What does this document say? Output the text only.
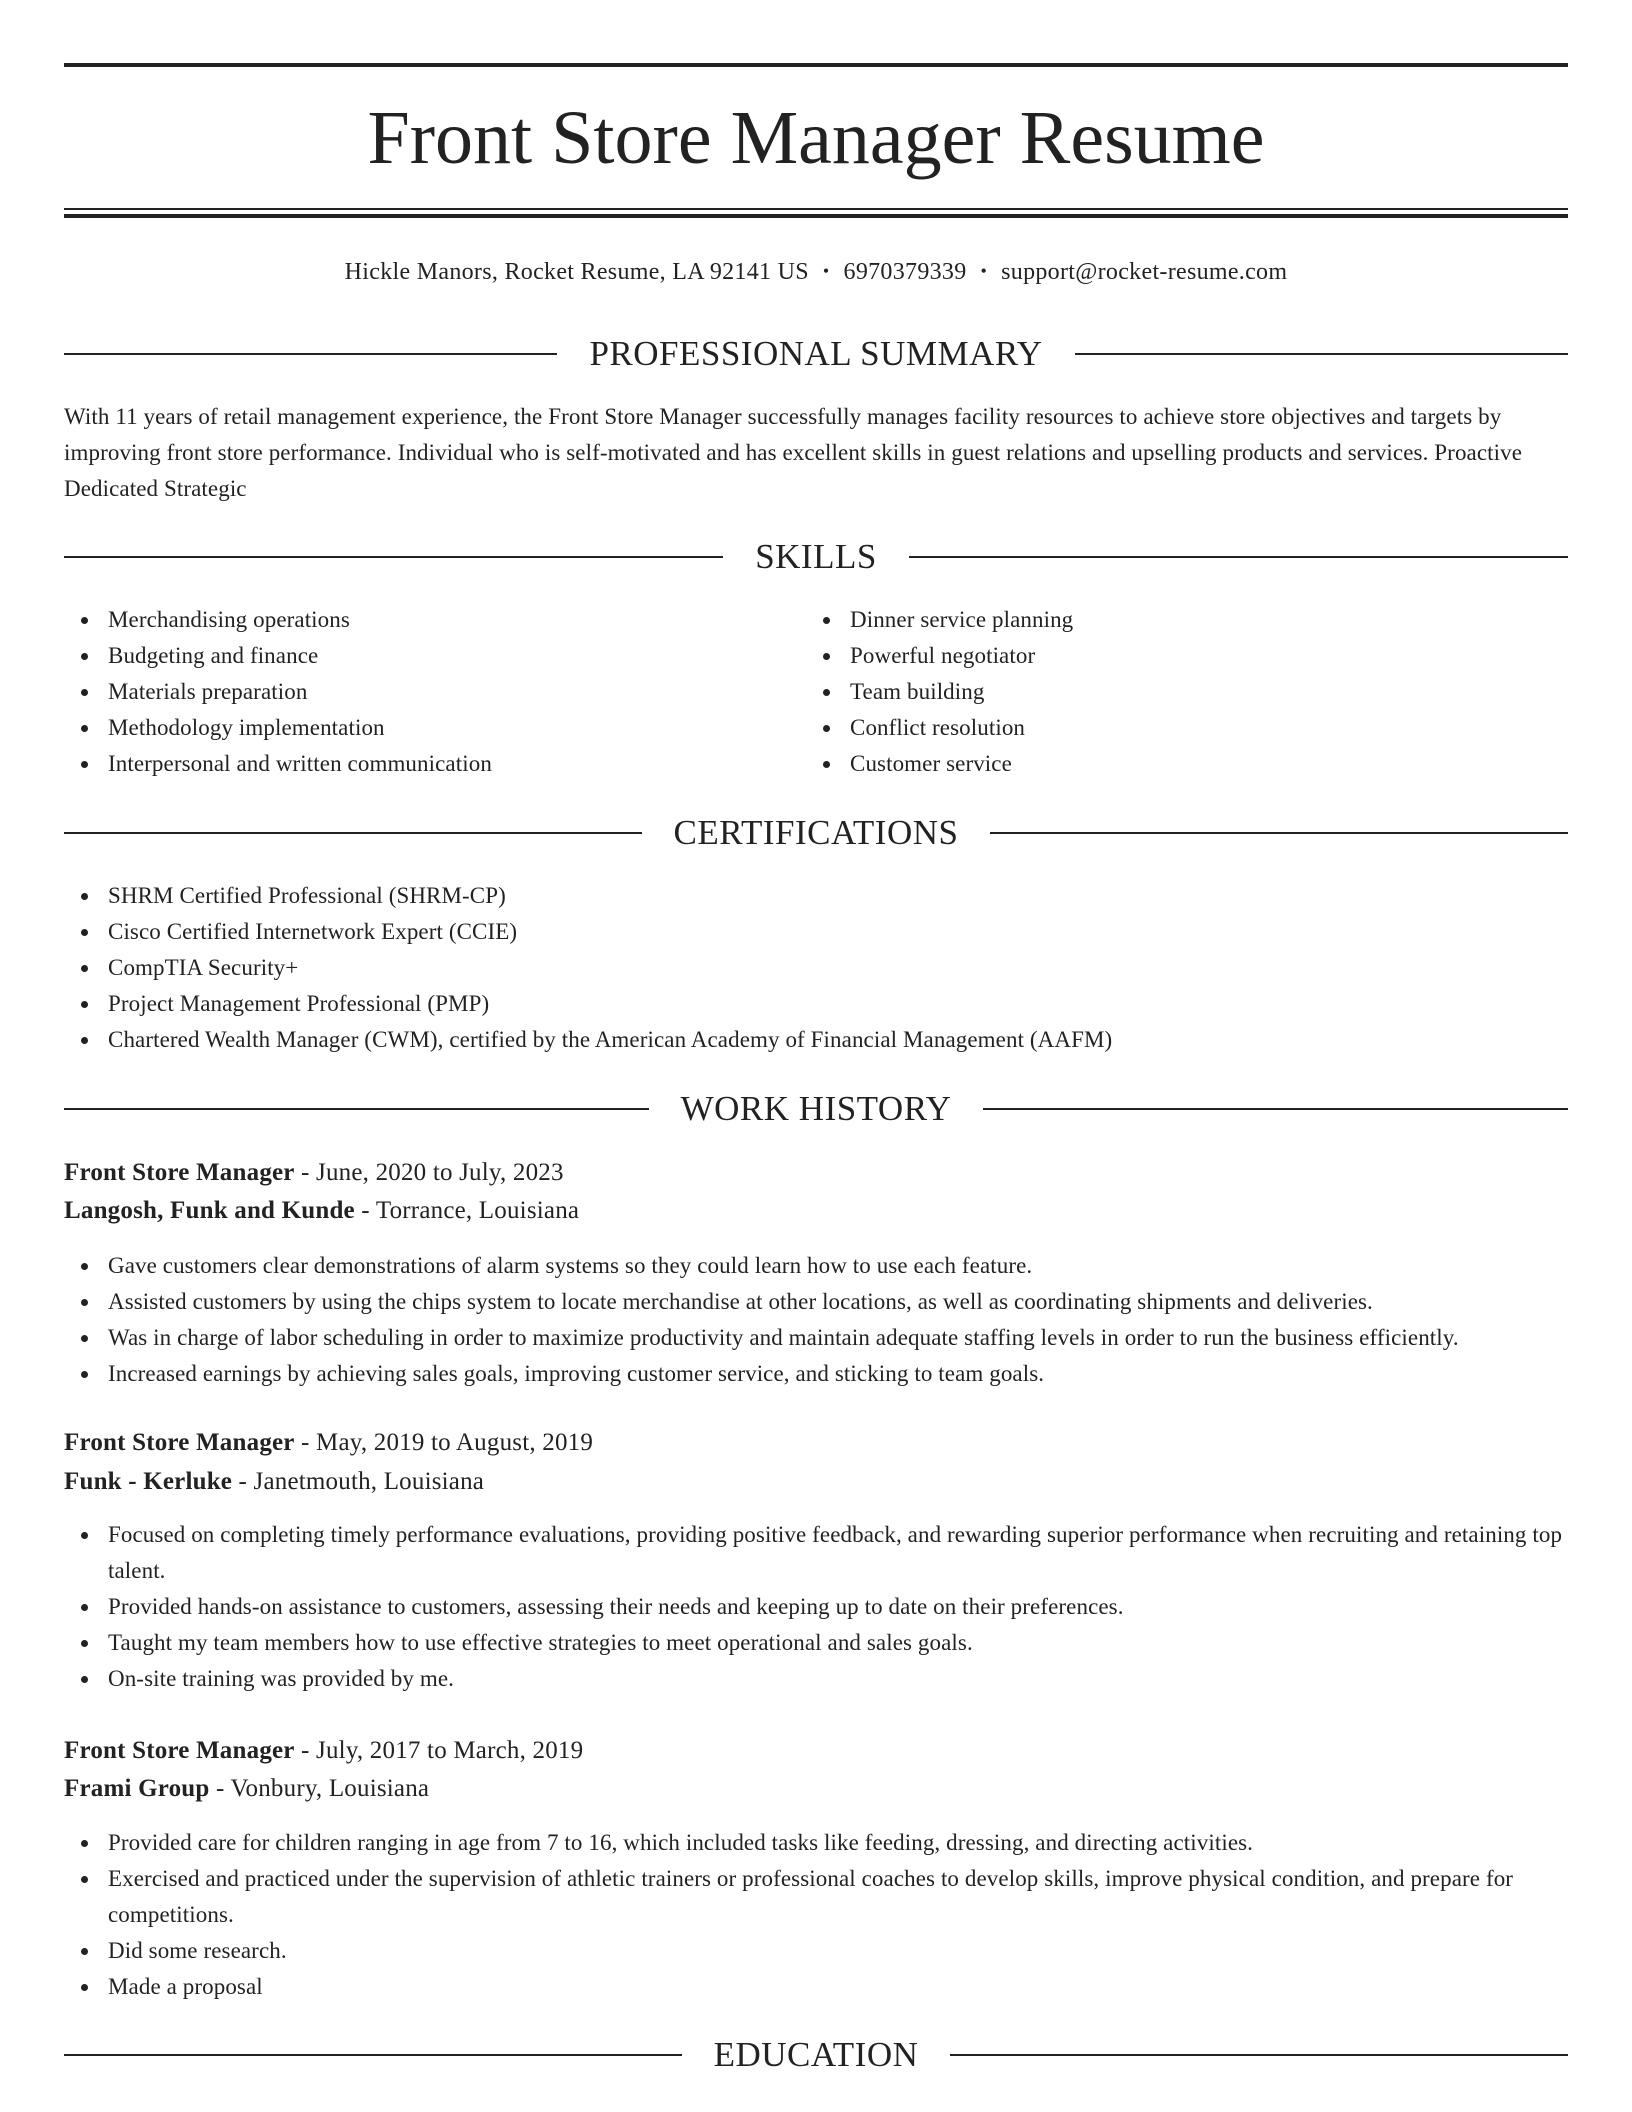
Front Store Manager Resume
Hickle Manors, Rocket Resume, LA 92141 US • 6970379339 • support@rocket-resume.com
PROFESSIONAL SUMMARY

With 11 years of retail management experience, the Front Store Manager successfully manages facility resources to achieve store objectives and targets by improving front store performance. Individual who is self-motivated and has excellent skills in guest relations and upselling products and services. Proactive Dedicated Strategic

SKILLS
Merchandising operations
Budgeting and finance
Materials preparation
Methodology implementation
Interpersonal and written communication
Dinner service planning
Powerful negotiator
Team building
Conflict resolution
Customer service
CERTIFICATIONS
SHRM Certified Professional (SHRM-CP)
Cisco Certified Internetwork Expert (CCIE)
CompTIA Security+
Project Management Professional (PMP)
Chartered Wealth Manager (CWM), certified by the American Academy of Financial Management (AAFM)
WORK HISTORY
Front Store Manager - June, 2020 to July, 2023
Langosh, Funk and Kunde - Torrance, Louisiana
Gave customers clear demonstrations of alarm systems so they could learn how to use each feature.
Assisted customers by using the chips system to locate merchandise at other locations, as well as coordinating shipments and deliveries.
Was in charge of labor scheduling in order to maximize productivity and maintain adequate staffing levels in order to run the business efficiently.
Increased earnings by achieving sales goals, improving customer service, and sticking to team goals.
Front Store Manager - May, 2019 to August, 2019
Funk - Kerluke - Janetmouth, Louisiana
Focused on completing timely performance evaluations, providing positive feedback, and rewarding superior performance when recruiting and retaining top talent.
Provided hands-on assistance to customers, assessing their needs and keeping up to date on their preferences.
Taught my team members how to use effective strategies to meet operational and sales goals.
On-site training was provided by me.
Front Store Manager - July, 2017 to March, 2019
Frami Group - Vonbury, Louisiana
Provided care for children ranging in age from 7 to 16, which included tasks like feeding, dressing, and directing activities.
Exercised and practiced under the supervision of athletic trainers or professional coaches to develop skills, improve physical condition, and prepare for competitions.
Did some research.
Made a proposal
EDUCATION
